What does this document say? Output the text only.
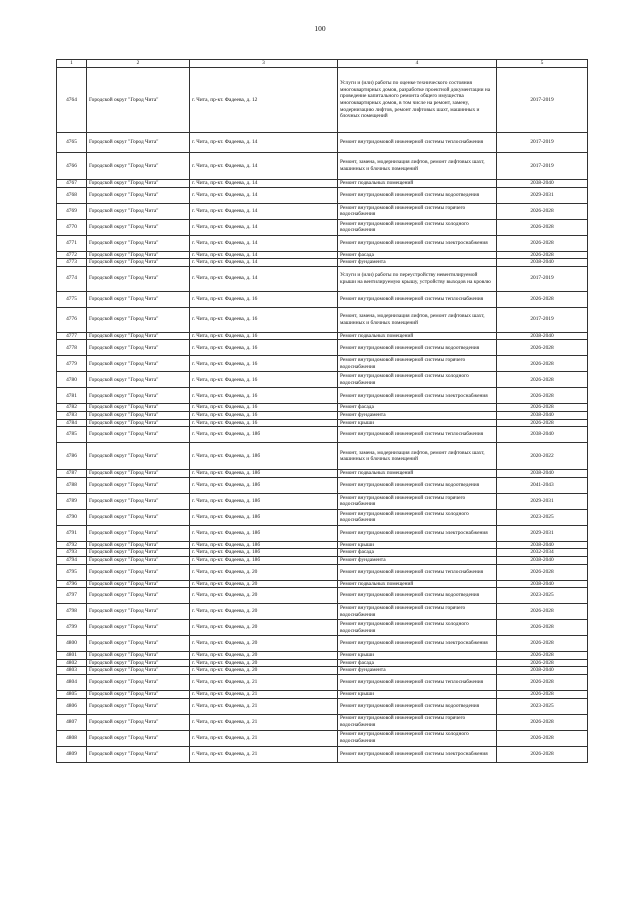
100
1	2	3	4	5
4764	Городской округ "Город Чита"	г. Чита, пр-кт. Фадеева, д. 12	Услуги и (или) работы по оценке технического состояния многоквартирных домов, разработке проектной документации на проведение капитального ремонта общего имущества многоквартирных домов, в том числе на ремонт, замену, модернизацию лифтов, ремонт лифтовых шахт, машинных и блочных помещений	2017-2019
4765	Городской округ "Город Чита"	г. Чита, пр-кт. Фадеева, д. 14	Ремонт внутридомовой инженерной системы теплоснабжения	2017-2019
4766	Городской округ "Город Чита"	г. Чита, пр-кт. Фадеева, д. 14	Ремонт, замена, модернизация лифтов, ремонт лифтовых шахт, машинных и блочных помещений	2017-2019
4767	Городской округ "Город Чита"	г. Чита, пр-кт. Фадеева, д. 14	Ремонт подвальных помещений	2038-2040
4768	Городской округ "Город Чита"	г. Чита, пр-кт. Фадеева, д. 14	Ремонт внутридомовой инженерной системы водоотведения	2029-2031
4769	Городской округ "Город Чита"	г. Чита, пр-кт. Фадеева, д. 14	Ремонт внутридомовой инженерной системы горячего водоснабжения	2026-2028
4770	Городской округ "Город Чита"	г. Чита, пр-кт. Фадеева, д. 14	Ремонт внутридомовой инженерной системы холодного водоснабжения	2026-2028
4771	Городской округ "Город Чита"	г. Чита, пр-кт. Фадеева, д. 14	Ремонт внутридомовой инженерной системы электроснабжения	2026-2028
4772	Городской округ "Город Чита"	г. Чита, пр-кт. Фадеева, д. 14	Ремонт фасада	2026-2028
4773	Городской округ "Город Чита"	г. Чита, пр-кт. Фадеева, д. 14	Ремонт фундамента	2038-2040
4774	Городской округ "Город Чита"	г. Чита, пр-кт. Фадеева, д. 14	Услуги и (или) работы по переустройству невентилируемой крыши на вентилируемую крышу, устройству выходов на кровлю	2017-2019
4775	Городской округ "Город Чита"	г. Чита, пр-кт. Фадеева, д. 16	Ремонт внутридомовой инженерной системы теплоснабжения	2026-2028
4776	Городской округ "Город Чита"	г. Чита, пр-кт. Фадеева, д. 16	Ремонт, замена, модернизация лифтов, ремонт лифтовых шахт, машинных и блочных помещений	2017-2019
4777	Городской округ "Город Чита"	г. Чита, пр-кт. Фадеева, д. 16	Ремонт подвальных помещений	2038-2040
4778	Городской округ "Город Чита"	г. Чита, пр-кт. Фадеева, д. 16	Ремонт внутридомовой инженерной системы водоотведения	2026-2028
4779	Городской округ "Город Чита"	г. Чита, пр-кт. Фадеева, д. 16	Ремонт внутридомовой инженерной системы горячего водоснабжения	2026-2028
4780	Городской округ "Город Чита"	г. Чита, пр-кт. Фадеева, д. 16	Ремонт внутридомовой инженерной системы холодного водоснабжения	2026-2028
4781	Городской округ "Город Чита"	г. Чита, пр-кт. Фадеева, д. 16	Ремонт внутридомовой инженерной системы электроснабжения	2026-2028
4782	Городской округ "Город Чита"	г. Чита, пр-кт. Фадеева, д. 16	Ремонт фасада	2026-2028
4783	Городской округ "Город Чита"	г. Чита, пр-кт. Фадеева, д. 16	Ремонт фундамента	2038-2040
4784	Городской округ "Город Чита"	г. Чита, пр-кт. Фадеева, д. 16	Ремонт крыши	2026-2028
4785	Городской округ "Город Чита"	г. Чита, пр-кт. Фадеева, д. 18б	Ремонт внутридомовой инженерной системы теплоснабжения	2038-2040
4786	Городской округ "Город Чита"	г. Чита, пр-кт. Фадеева, д. 18б	Ремонт, замена, модернизация лифтов, ремонт лифтовых шахт, машинных и блочных помещений	2020-2022
4787	Городской округ "Город Чита"	г. Чита, пр-кт. Фадеева, д. 18б	Ремонт подвальных помещений	2038-2040
4788	Городской округ "Город Чита"	г. Чита, пр-кт. Фадеева, д. 18б	Ремонт внутридомовой инженерной системы водоотведения	2041-2043
4789	Городской округ "Город Чита"	г. Чита, пр-кт. Фадеева, д. 18б	Ремонт внутридомовой инженерной системы горячего водоснабжения	2029-2031
4790	Городской округ "Город Чита"	г. Чита, пр-кт. Фадеева, д. 18б	Ремонт внутридомовой инженерной системы холодного водоснабжения	2023-2025
4791	Городской округ "Город Чита"	г. Чита, пр-кт. Фадеева, д. 18б	Ремонт внутридомовой инженерной системы электроснабжения	2029-2031
4792	Городской округ "Город Чита"	г. Чита, пр-кт. Фадеева, д. 18б	Ремонт крыши	2038-2040
4793	Городской округ "Город Чита"	г. Чита, пр-кт. Фадеева, д. 18б	Ремонт фасада	2032-2034
4794	Городской округ "Город Чита"	г. Чита, пр-кт. Фадеева, д. 18б	Ремонт фундамента	2038-2040
4795	Городской округ "Город Чита"	г. Чита, пр-кт. Фадеева, д. 20	Ремонт внутридомовой инженерной системы теплоснабжения	2026-2028
4796	Городской округ "Город Чита"	г. Чита, пр-кт. Фадеева, д. 20	Ремонт подвальных помещений	2038-2040
4797	Городской округ "Город Чита"	г. Чита, пр-кт. Фадеева, д. 20	Ремонт внутридомовой инженерной системы водоотведения	2023-2025
4798	Городской округ "Город Чита"	г. Чита, пр-кт. Фадеева, д. 20	Ремонт внутридомовой инженерной системы горячего водоснабжения	2026-2028
4799	Городской округ "Город Чита"	г. Чита, пр-кт. Фадеева, д. 20	Ремонт внутридомовой инженерной системы холодного водоснабжения	2026-2028
4800	Городской округ "Город Чита"	г. Чита, пр-кт. Фадеева, д. 20	Ремонт внутридомовой инженерной системы электроснабжения	2026-2028
4801	Городской округ "Город Чита"	г. Чита, пр-кт. Фадеева, д. 20	Ремонт крыши	2026-2028
4802	Городской округ "Город Чита"	г. Чита, пр-кт. Фадеева, д. 20	Ремонт фасада	2026-2028
4803	Городской округ "Город Чита"	г. Чита, пр-кт. Фадеева, д. 20	Ремонт фундамента	2038-2040
4804	Городской округ "Город Чита"	г. Чита, пр-кт. Фадеева, д. 21	Ремонт внутридомовой инженерной системы теплоснабжения	2026-2028
4805	Городской округ "Город Чита"	г. Чита, пр-кт. Фадеева, д. 21	Ремонт крыши	2026-2028
4806	Городской округ "Город Чита"	г. Чита, пр-кт. Фадеева, д. 21	Ремонт внутридомовой инженерной системы водоотведения	2023-2025
4807	Городской округ "Город Чита"	г. Чита, пр-кт. Фадеева, д. 21	Ремонт внутридомовой инженерной системы горячего водоснабжения	2026-2028
4808	Городской округ "Город Чита"	г. Чита, пр-кт. Фадеева, д. 21	Ремонт внутридомовой инженерной системы холодного водоснабжения	2026-2028
4809	Городской округ "Город Чита"	г. Чита, пр-кт. Фадеева, д. 21	Ремонт внутридомовой инженерной системы электроснабжения	2026-2028
